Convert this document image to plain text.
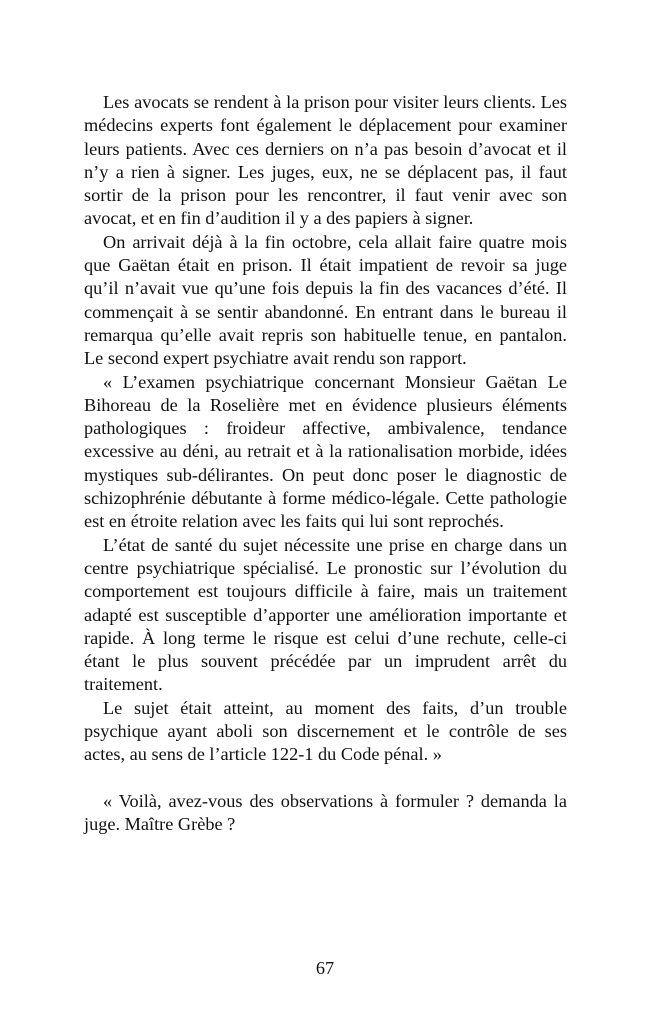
Les avocats se rendent à la prison pour visiter leurs clients. Les médecins experts font également le déplacement pour examiner leurs patients. Avec ces derniers on n’a pas besoin d’avocat et il n’y a rien à signer. Les juges, eux, ne se déplacent pas, il faut sortir de la prison pour les rencontrer, il faut venir avec son avocat, et en fin d’audition il y a des papiers à signer.

On arrivait déjà à la fin octobre, cela allait faire quatre mois que Gaëtan était en prison. Il était impatient de revoir sa juge qu’il n’avait vue qu’une fois depuis la fin des vacances d’été. Il commençait à se sentir abandonné. En entrant dans le bureau il remarqua qu’elle avait repris son habituelle tenue, en pantalon. Le second expert psychiatre avait rendu son rapport.

« L’examen psychiatrique concernant Monsieur Gaëtan Le Bihoreau de la Roselière met en évidence plusieurs éléments pathologiques : froideur affective, ambivalence, tendance excessive au déni, au retrait et à la rationalisation morbide, idées mystiques sub-délirantes. On peut donc poser le diagnostic de schizophrénie débutante à forme médico-légale. Cette pathologie est en étroite relation avec les faits qui lui sont reprochés.

L’état de santé du sujet nécessite une prise en charge dans un centre psychiatrique spécialisé. Le pronostic sur l’évolution du comportement est toujours difficile à faire, mais un traitement adapté est susceptible d’apporter une amélioration importante et rapide. À long terme le risque est celui d’une rechute, celle-ci étant le plus souvent précédée par un imprudent arrêt du traitement.

Le sujet était atteint, au moment des faits, d’un trouble psychique ayant aboli son discernement et le contrôle de ses actes, au sens de l’article 122-1 du Code pénal. »

« Voilà, avez-vous des observations à formuler ? demanda la juge. Maître Grèbe ?

67
